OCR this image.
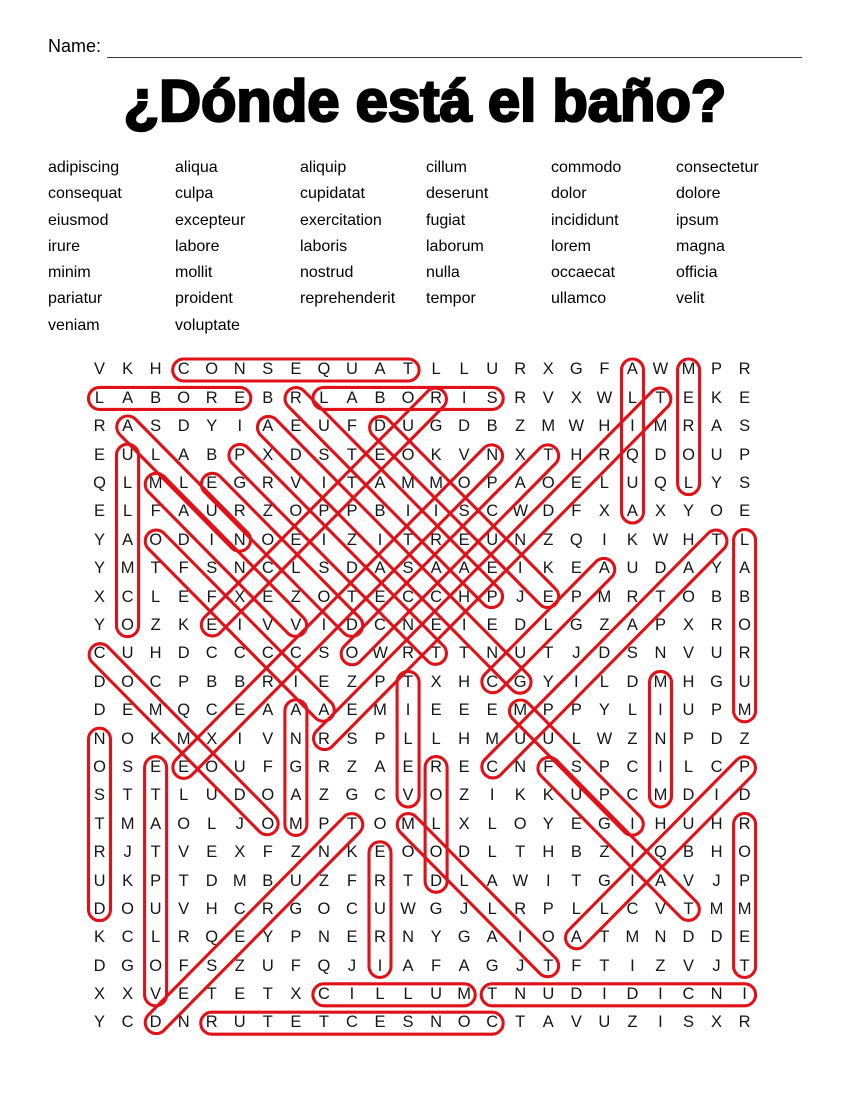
Name:
¿Dónde está el baño?
adipiscing
consequat
eiusmod
irure
minim
pariatur
veniam
aliqua
culpa
excepteur
labore
mollit
proident
voluptate
aliquip
cupidatat
exercitation
laboris
nostrud
reprehenderit
cillum
deserunt
fugiat
laborum
nulla
tempor
commodo
dolor
incididunt
lorem
occaecat
ullamco
consectetur
dolore
ipsum
magna
officia
velit
V	K	H C O N	S	E Q U	A	T	L	L	U R	X G	F	A W M P	R
L	A	B O R	E	B	R	L	A	B O R	I	S	R	V	X W L	T	E	K	E
R	A	S	D	Y	I	A	E	U	F	D U G D	B	Z M W H	I	M R	A	S
E	U	L	A	B	P	X	D	S	T	E O K	V	N	X	T	H R Q D O U	P
Q	L	M	L	E G R	V	I	T	A M M O P	A O E	L	U Q	L	Y	S
E	L	F	A	U R	Z	O P	P	B	I	I	S	C W D	F	X	A	X	Y O E
Y	A O D	I	N O E	I	Z	I	T	R	E	U N	Z	Q	I	K W H	T	L
Y M T	F	S	N C	L	S	D	A	S	A	A	E	I	K	E	A	U D	A	Y	A
X	C	L	E	F	X	E	Z	O	T	E	C C H	P	J	E	P M R	T	O B	B
Y O	Z	K	E	I	V	V	I	D C N	E	I	E	D	L	G	Z	A	P	X	R O
C U H D C C C C	S O W R	T	T	N U	T	J	D	S	N	V	U R
D O C	P	B	B	R	I	E	Z	P	T	X	H C G Y	I	L	D M H G U
D	E M Q C	E	A	A	A	E M	I	E	E	E M P	P	Y	L	I	U	P M
N O K M X	I	V	N R	S	P	L	L	H M U U	L W Z	N	P	D	Z
O S	E	E O U	F	G R	Z	A	E	R	E	C N	F	S	P	C	I	L	C	P
S	T	T	L	U D O A	Z	G C	V O	Z	I	K	K	U	P	C M D	I	D
T M A O	L	J	O M P	T	O M	L	X	L	O Y	E G	I	H U H R
R	J	T	V	E	X	F	Z	N	K	E O O D	L	T	H	B	Z	I	Q B	H O
U	K	P	T	D M B	U	Z	F	R	T	D	L	A W	I	T	G	I	A	V	J	P
D O U	V	H C R G O C U W G	J	L	R	P	L	L	C	V	T M M
K	C	L	R Q E	Y	P	N	E	R N	Y G A	I	O A	T M N D D	E
D G O	F	S	Z	U	F	Q	J	I	A	F	A G	J	T	F	T	I	Z	V	J	T
X	X	V	E	T	E	T	X	C	I	L	L	U M T	N U D	I	D	I	C N	I
Y	C D N R U	T	E	T	C	E	S	N O C	T	A	V	U	Z	I	S	X	R
